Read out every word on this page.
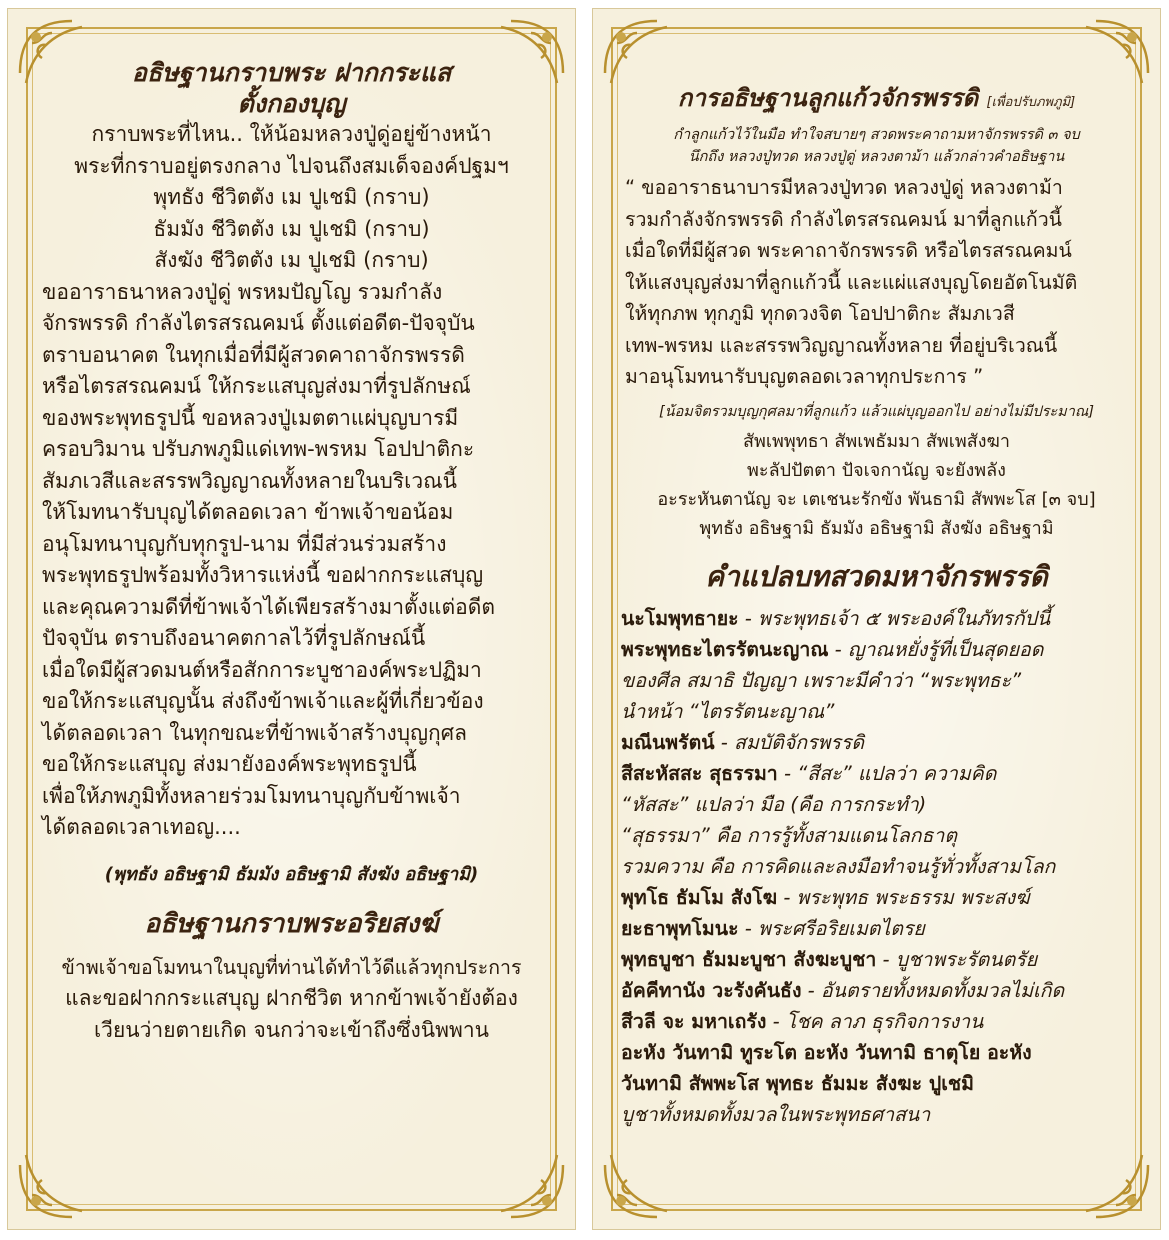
อธิษฐานกราบพระ ฝากกระแส

ตั้งกองบุญ

กราบพระที่ไหน.. ให้น้อมหลวงปู่ดู่อยู่ข้างหน้า

พระที่กราบอยู่ตรงกลาง ไปจนถึงสมเด็จองค์ปฐมฯ

พุทธัง ชีวิตตัง เม ปูเชมิ (กราบ)

ธัมมัง ชีวิตตัง เม ปูเชมิ (กราบ)

สังฆัง ชีวิตตัง เม ปูเชมิ (กราบ)

ขออาราธนาหลวงปู่ดู่ พรหมปัญโญ รวมกำลัง

จักรพรรดิ กำลังไตรสรณคมน์ ตั้งแต่อดีต-ปัจจุบัน

ตราบอนาคต ในทุกเมื่อที่มีผู้สวดคาถาจักรพรรดิ

หรือไตรสรณคมน์ ให้กระแสบุญส่งมาที่รูปลักษณ์

ของพระพุทธรูปนี้ ขอหลวงปู่เมตตาแผ่บุญบารมี

ครอบวิมาน ปรับภพภูมิแด่เทพ-พรหม โอปปาติกะ

สัมภเวสีและสรรพวิญญาณทั้งหลายในบริเวณนี้

ให้โมทนารับบุญได้ตลอดเวลา ข้าพเจ้าขอน้อม

อนุโมทนาบุญกับทุกรูป-นาม ที่มีส่วนร่วมสร้าง

พระพุทธรูปพร้อมทั้งวิหารแห่งนี้ ขอฝากกระแสบุญ

และคุณความดีที่ข้าพเจ้าได้เพียรสร้างมาตั้งแต่อดีต

ปัจจุบัน ตราบถึงอนาคตกาลไว้ที่รูปลักษณ์นี้

เมื่อใดมีผู้สวดมนต์หรือสักการะบูชาองค์พระปฏิมา

ขอให้กระแสบุญนั้น ส่งถึงข้าพเจ้าและผู้ที่เกี่ยวข้อง

ได้ตลอดเวลา ในทุกขณะที่ข้าพเจ้าสร้างบุญกุศล

ขอให้กระแสบุญ ส่งมายังองค์พระพุทธรูปนี้

เพื่อให้ภพภูมิทั้งหลายร่วมโมทนาบุญกับข้าพเจ้า

ได้ตลอดเวลาเทอญ....

(พุทธัง อธิษฐามิ ธัมมัง อธิษฐามิ สังฆัง อธิษฐามิ)

อธิษฐานกราบพระอริยสงฆ์

ข้าพเจ้าขอโมทนาในบุญที่ท่านได้ทำไว้ดีแล้วทุกประการ

และขอฝากกระแสบุญ ฝากชีวิต หากข้าพเจ้ายังต้อง

เวียนว่ายตายเกิด จนกว่าจะเข้าถึงซึ่งนิพพาน

การอธิษฐานลูกแก้วจักรพรรดิ [เพื่อปรับภพภูมิ]

กำลูกแก้วไว้ในมือ ทำใจสบายๆ สวดพระคาถามหาจักรพรรดิ ๓ จบ

นึกถึง หลวงปู่ทวด หลวงปู่ดู่ หลวงตาม้า แล้วกล่าวคำอธิษฐาน

“ ขออาราธนาบารมีหลวงปู่ทวด หลวงปู่ดู่ หลวงตาม้า

รวมกำลังจักรพรรดิ กำลังไตรสรณคมน์ มาที่ลูกแก้วนี้

เมื่อใดที่มีผู้สวด พระคาถาจักรพรรดิ หรือไตรสรณคมน์

ให้แสงบุญส่งมาที่ลูกแก้วนี้ และแผ่แสงบุญโดยอัตโนมัติ

ให้ทุกภพ ทุกภูมิ ทุกดวงจิต โอปปาติกะ สัมภเวสี

เทพ-พรหม และสรรพวิญญาณทั้งหลาย ที่อยู่บริเวณนี้

มาอนุโมทนารับบุญตลอดเวลาทุกประการ ”

[น้อมจิตรวมบุญกุศลมาที่ลูกแก้ว แล้วแผ่บุญออกไป อย่างไม่มีประมาณ]

สัพเพพุทธา สัพเพธัมมา สัพเพสังฆา

พะลัปปัตตา ปัจเจกานัญ จะยังพลัง

อะระหันตานัญ จะ เตเชนะรักขัง พันธามิ สัพพะโส [๓ จบ]

พุทธัง อธิษฐามิ ธัมมัง อธิษฐามิ สังฆัง อธิษฐามิ

คำแปลบทสวดมหาจักรพรรดิ

นะโมพุทธายะ - พระพุทธเจ้า ๕ พระองค์ในภัทรกัปนี้

พระพุทธะไตรรัตนะญาณ - ญาณหยั่งรู้ที่เป็นสุดยอด

ของศีล สมาธิ ปัญญา เพราะมีคำว่า “พระพุทธะ”

นำหน้า “ไตรรัตนะญาณ”

มณีนพรัตน์ - สมบัติจักรพรรดิ

สีสะหัสสะ สุธรรมา - “สีสะ” แปลว่า ความคิด

“หัสสะ” แปลว่า มือ (คือ การกระทำ)

“สุธรรมา” คือ การรู้ทั้งสามแดนโลกธาตุ

รวมความ คือ การคิดและลงมือทำจนรู้ทั่วทั้งสามโลก

พุทโธ ธัมโม สังโฆ - พระพุทธ พระธรรม พระสงฆ์

ยะธาพุทโมนะ - พระศรีอริยเมตไตรย

พุทธบูชา ธัมมะบูชา สังฆะบูชา - บูชาพระรัตนตรัย

อัคคีทานัง วะรังคันธัง - อันตรายทั้งหมดทั้งมวลไม่เกิด

สีวลี จะ มหาเถรัง - โชค ลาภ ธุรกิจการงาน

อะหัง วันทามิ ทูระโต อะหัง วันทามิ ธาตุโย อะหัง

วันทามิ สัพพะโส พุทธะ ธัมมะ สังฆะ ปูเชมิ

บูชาทั้งหมดทั้งมวลในพระพุทธศาสนา
